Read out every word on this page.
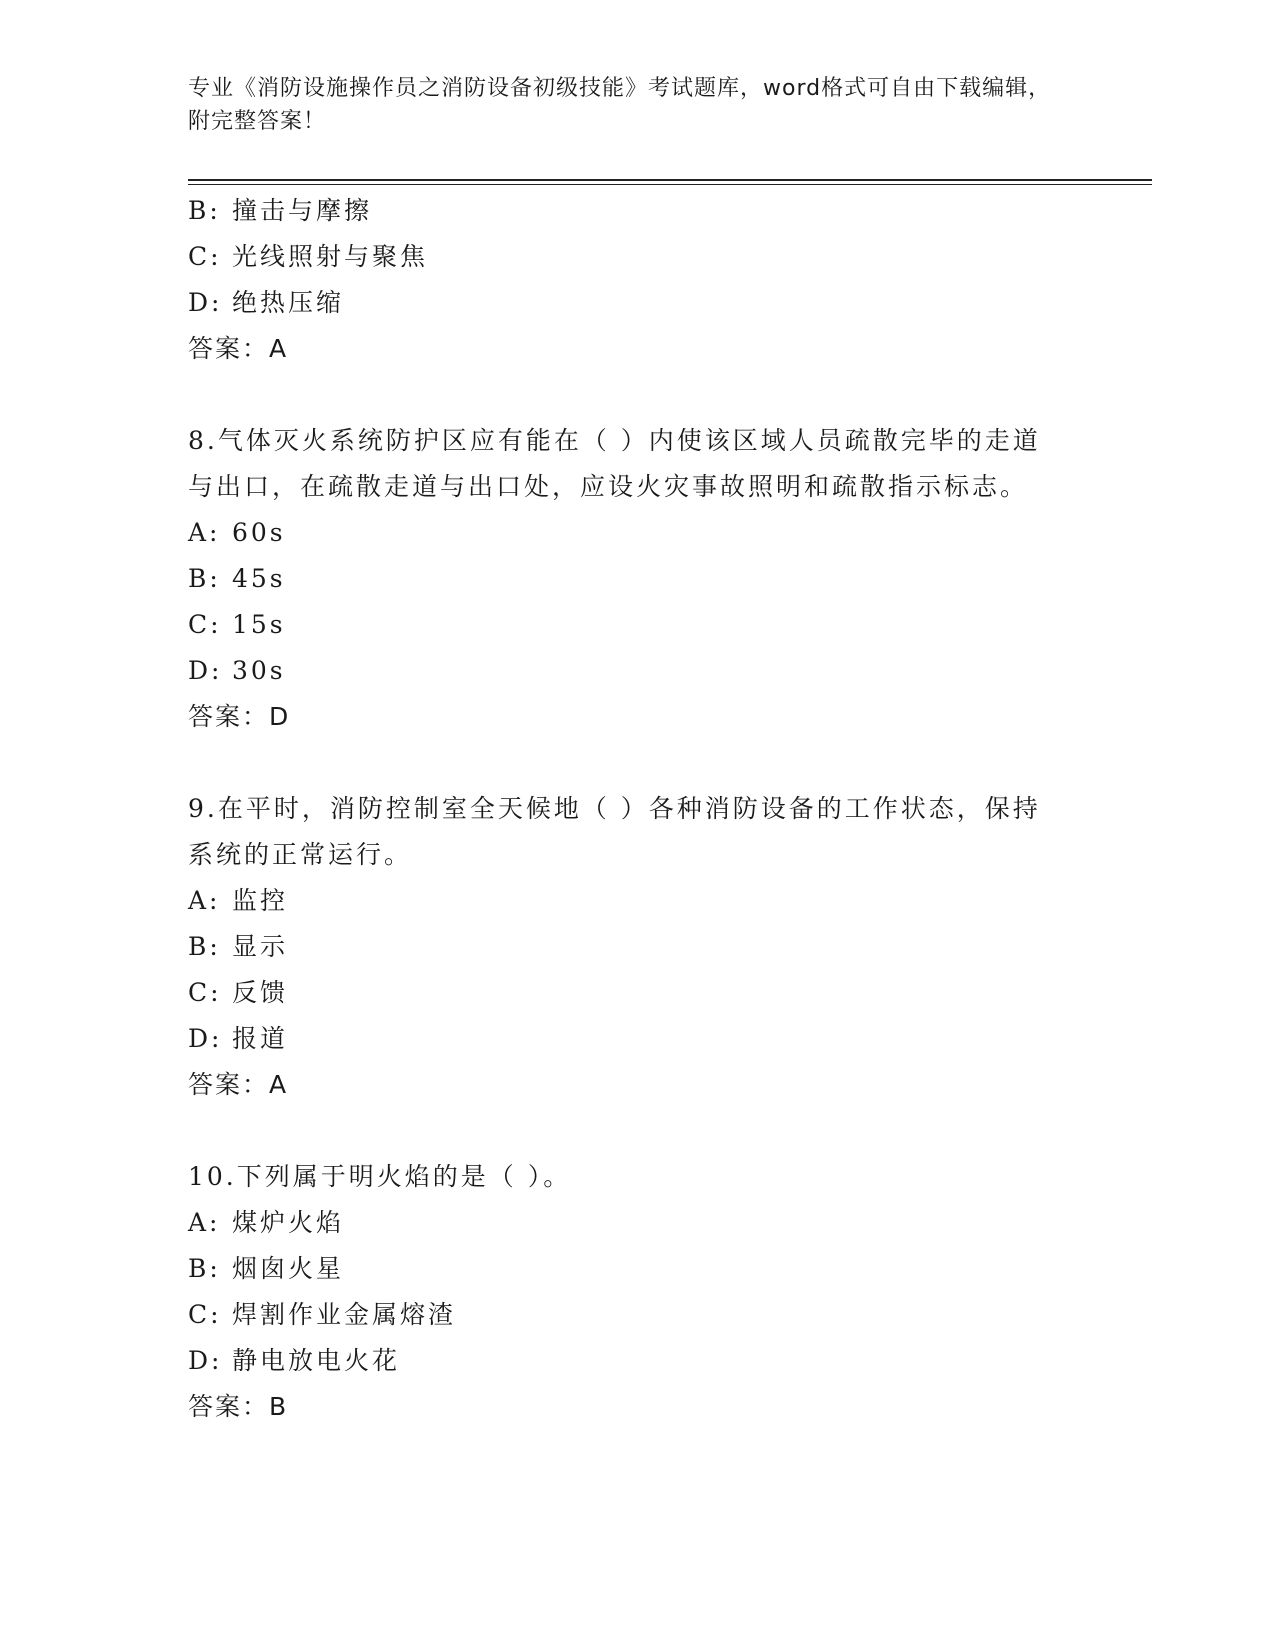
专业《消防设施操作员之消防设备初级技能》考试题库，word格式可自由下载编辑，附完整答案！
B: 撞击与摩擦
C: 光线照射与聚焦
D: 绝热压缩
答案：A
8.气体灭火系统防护区应有能在（ ）内使该区域人员疏散完毕的走道与出口，在疏散走道与出口处，应设火灾事故照明和疏散指示标志。
A: 60s
B: 45s
C: 15s
D: 30s
答案：D
9.在平时，消防控制室全天候地（ ）各种消防设备的工作状态，保持系统的正常运行。
A: 监控
B: 显示
C: 反馈
D: 报道
答案：A
10.下列属于明火焰的是（ ）。
A: 煤炉火焰
B: 烟囱火星
C: 焊割作业金属熔渣
D: 静电放电火花
答案：B
